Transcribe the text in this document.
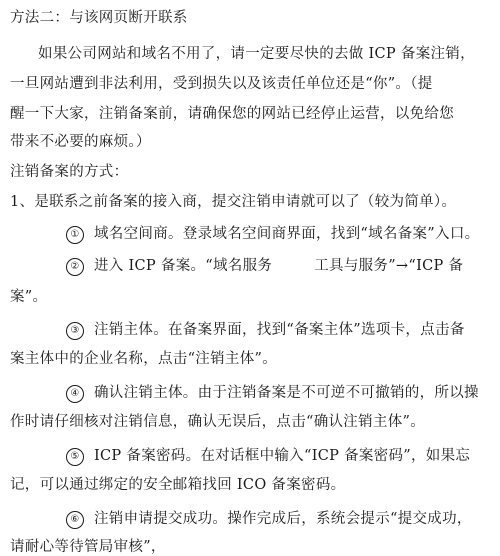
方法二：与该网页断开联系
如果公司网站和域名不用了，请一定要尽快的去做 ICP 备案注销，
一旦网站遭到非法利用，受到损失以及该责任单位还是“你”。（提
醒一下大家，注销备案前，请确保您的网站已经停止运营，以免给您
带来不必要的麻烦。）
注销备案的方式：
1、是联系之前备案的接入商，提交注销申请就可以了（较为简单）。
① 域名空间商。登录域名空间商界面，找到“域名备案”入口。
② 进入 ICP 备案。“域名服务	工具与服务”→“ICP 备
案”。
③ 注销主体。在备案界面，找到“备案主体”选项卡，点击备
案主体中的企业名称，点击“注销主体”。
④ 确认注销主体。由于注销备案是不可逆不可撤销的，所以操
作时请仔细核对注销信息，确认无误后，点击“确认注销主体”。
⑤ ICP 备案密码。在对话框中输入“ICP 备案密码”，如果忘
记，可以通过绑定的安全邮箱找回 ICO 备案密码。
⑥ 注销申请提交成功。操作完成后，系统会提示“提交成功，
请耐心等待管局审核”，
